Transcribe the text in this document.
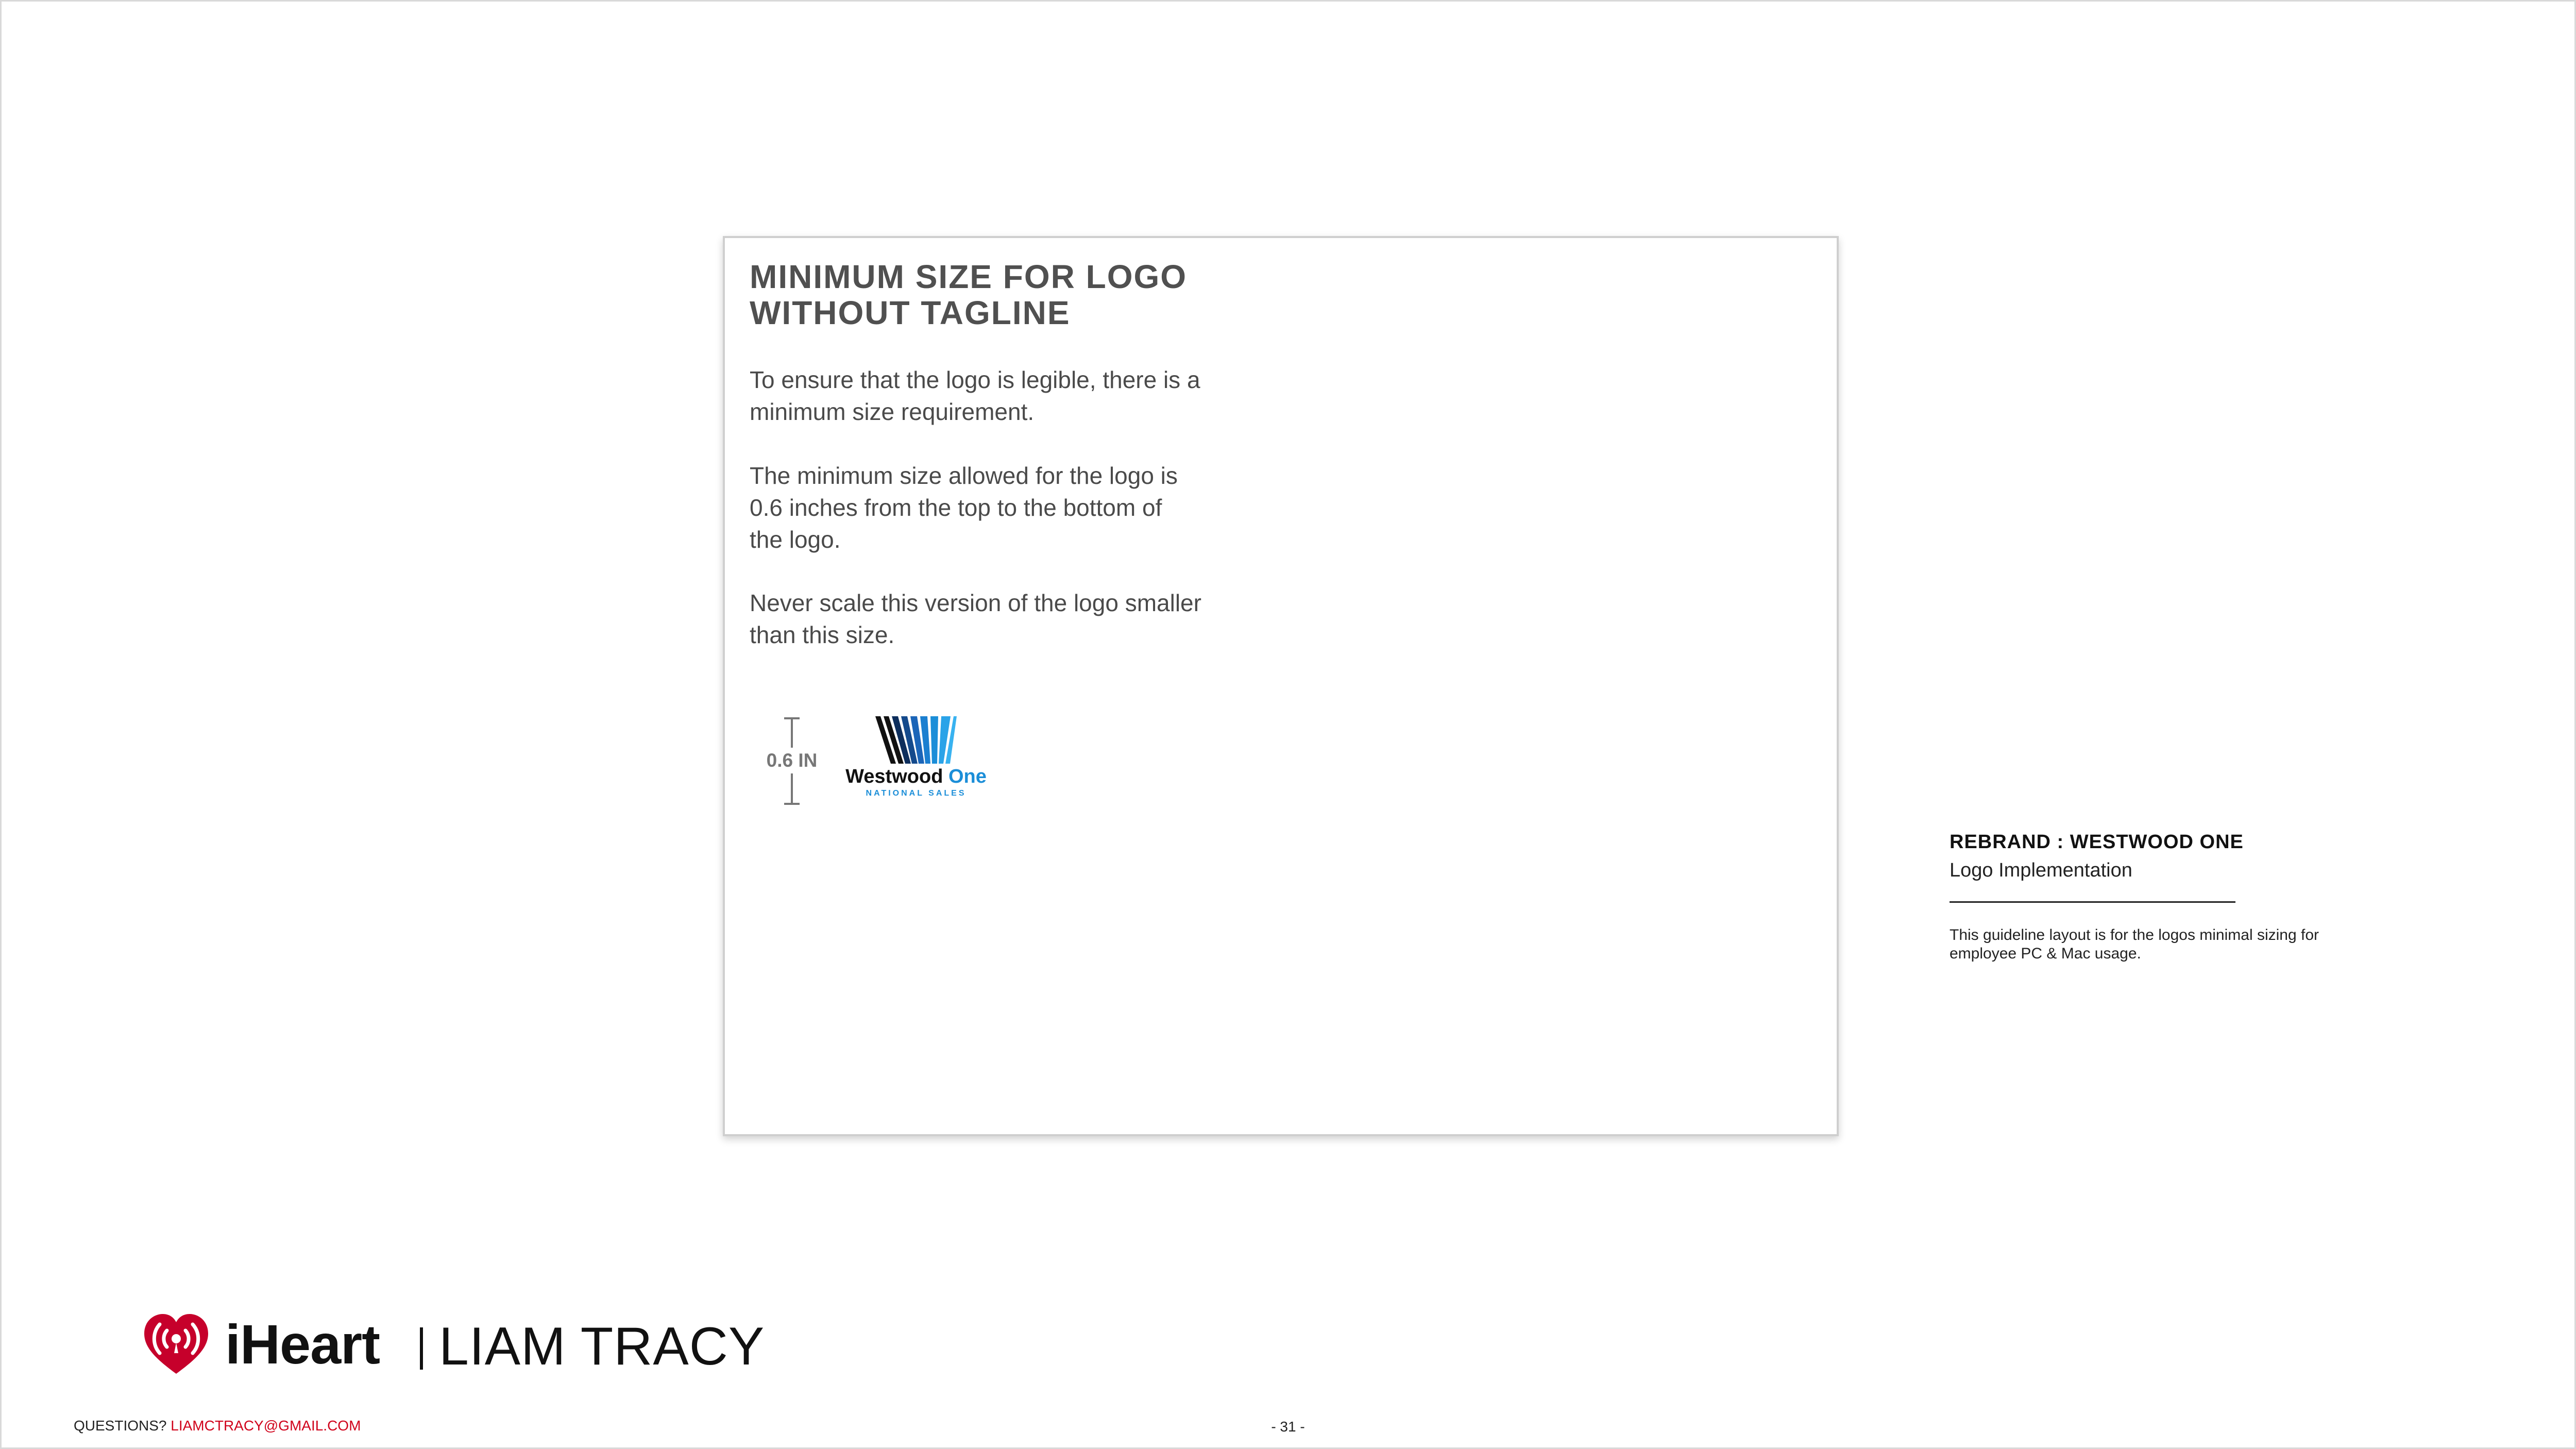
MINIMUM SIZE FOR LOGO
WITHOUT TAGLINE

To ensure that the logo is legible, there is a
minimum size requirement.

The minimum size allowed for the logo is
0.6 inches from the top to the bottom of
the logo.

Never scale this version of the logo smaller
than this size.

0.6 IN
Westwood One
NATIONAL SALES
REBRAND : WESTWOOD ONE
Logo Implementation
This guideline layout is for the logos minimal sizing for
employee PC & Mac usage.
iHeart LIAM TRACY
QUESTIONS? LIAMCTRACY@GMAIL.COM	- 31 -
